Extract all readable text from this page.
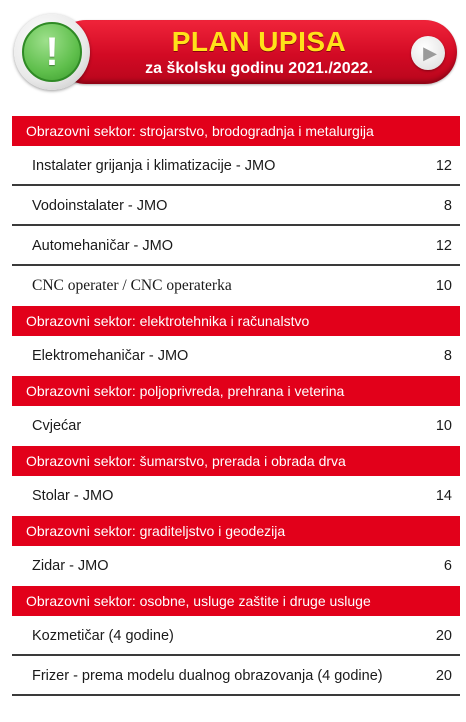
!	PLAN UPISA
za školsku godinu 2021./2022.
▶
Obrazovni sektor: strojarstvo, brodogradnja i metalurgija
Instalater grijanja i klimatizacije - JMO	12
Vodoinstalater - JMO	8
Automehaničar - JMO	12
CNC operater / CNC operaterka	10
Obrazovni sektor: elektrotehnika i računalstvo
Elektromehaničar - JMO	8
Obrazovni sektor: poljoprivreda, prehrana i veterina
Cvjećar	10
Obrazovni sektor: šumarstvo, prerada i obrada drva
Stolar - JMO	14
Obrazovni sektor: graditeljstvo i geodezija
Zidar - JMO	6
Obrazovni sektor: osobne, usluge zaštite i druge usluge
Kozmetičar (4 godine)	20
Frizer - prema modelu dualnog obrazovanja (4 godine)	20
